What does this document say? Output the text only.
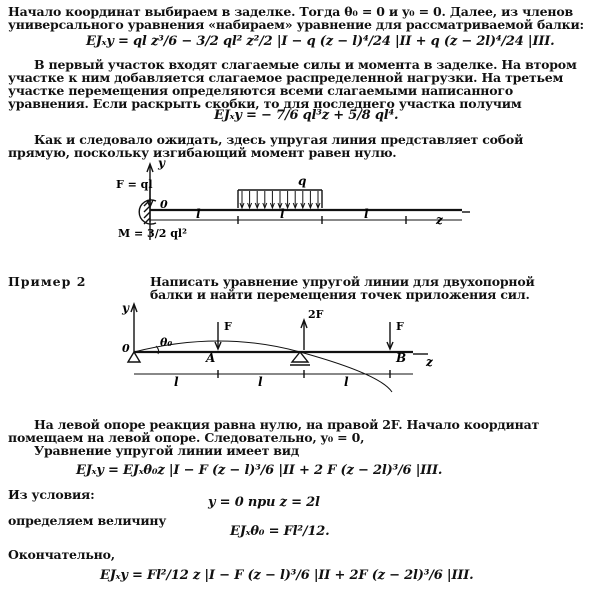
Начало координат выбираем в заделке. Тогда θ₀ = 0 и y₀ = 0. Далее, из членов универсального уравнения «набираем» уравнение для рассматриваемой балки:
EJₓy = ql z³/6 − 3/2 ql² z²/2 |I − q (z − l)⁴/24 |II + q (z − 2l)⁴/24 |III.
В первый участок входят слагаемые силы и момента в заделке. На втором участке к ним добавляется слагаемое распределенной нагрузки. На третьем участке перемещения определяются всеми слагаемыми написанного уравнения. Если раскрыть скобки, то для последнего участка получим
EJₓy = − 7/6 ql³z + 5/8 ql⁴.
Как и следовало ожидать, здесь упругая линия представляет собой прямую, поскольку изгибающий момент равен нулю.
y
F = ql
0
q
l	l	l	z
M = 3/2 ql²
y
0	θ₀
A	B
F
2F
F
l	l	l
z
Пример 2	Написать уравнение упругой линии для двухопорной балки и найти перемещения точек приложения сил.
На левой опоре реакция равна нулю, на правой 2F. Начало координат помещаем на левой опоре. Следовательно, y₀ = 0,
Уравнение упругой линии имеет вид
EJₓy = EJₓθ₀z |I − F (z − l)³/6 |II + 2 F (z − 2l)³/6 |III.
Из условия:
y = 0 при z = 2l
определяем величину
EJₓθ₀ = Fl²/12.
Окончательно,
EJₓy = Fl²/12 z |I − F (z − l)³/6 |II + 2F (z − 2l)³/6 |III.
